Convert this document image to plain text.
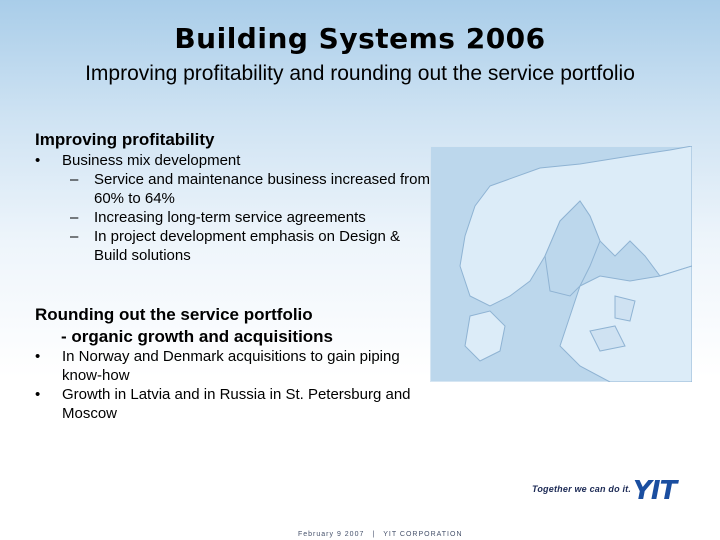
Building Systems 2006
Improving profitability and rounding out the service portfolio
Improving profitability
• Business mix development
– Service and maintenance business increased from 60% to 64%
– Increasing long-term service agreements
– In project development emphasis on Design & Build solutions
Rounding out the service portfolio
- organic growth and acquisitions
• In Norway and Denmark acquisitions to gain piping know-how
• Growth in Latvia and in Russia in St. Petersburg and Moscow
Together we can do it. YIT
February 9 2007 | YIT CORPORATION
